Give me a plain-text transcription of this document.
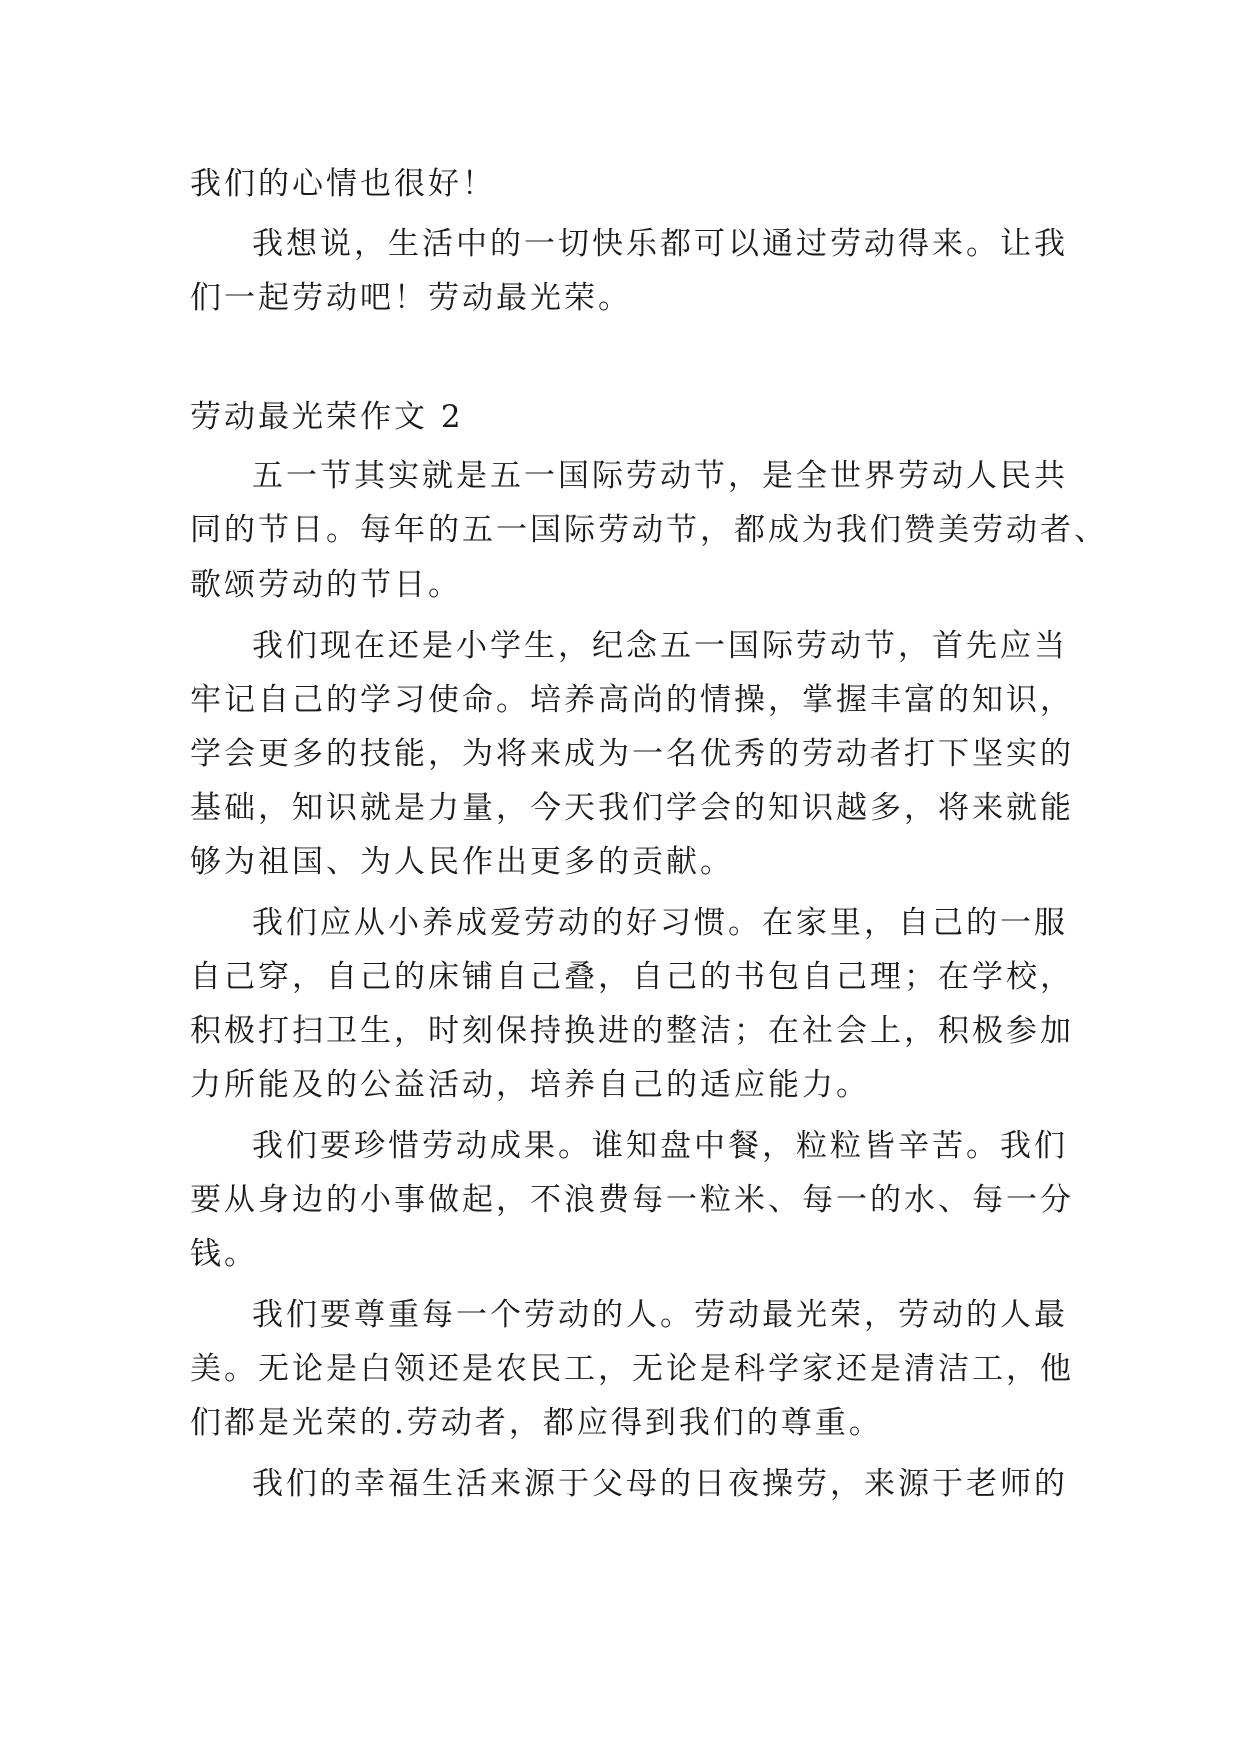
我们的心情也很好！
我想说，生活中的一切快乐都可以通过劳动得来。让我
们一起劳动吧！劳动最光荣。
劳动最光荣作文 2
五一节其实就是五一国际劳动节，是全世界劳动人民共
同的节日。每年的五一国际劳动节，都成为我们赞美劳动者、
歌颂劳动的节日。
我们现在还是小学生，纪念五一国际劳动节，首先应当
牢记自己的学习使命。培养高尚的情操，掌握丰富的知识，
学会更多的技能，为将来成为一名优秀的劳动者打下坚实的
基础，知识就是力量，今天我们学会的知识越多，将来就能
够为祖国、为人民作出更多的贡献。
我们应从小养成爱劳动的好习惯。在家里，自己的一服
自己穿，自己的床铺自己叠，自己的书包自己理；在学校，
积极打扫卫生，时刻保持换进的整洁；在社会上，积极参加
力所能及的公益活动，培养自己的适应能力。
我们要珍惜劳动成果。谁知盘中餐，粒粒皆辛苦。我们
要从身边的小事做起，不浪费每一粒米、每一的水、每一分
钱。
我们要尊重每一个劳动的人。劳动最光荣，劳动的人最
美。无论是白领还是农民工，无论是科学家还是清洁工，他
们都是光荣的.劳动者，都应得到我们的尊重。
我们的幸福生活来源于父母的日夜操劳，来源于老师的
